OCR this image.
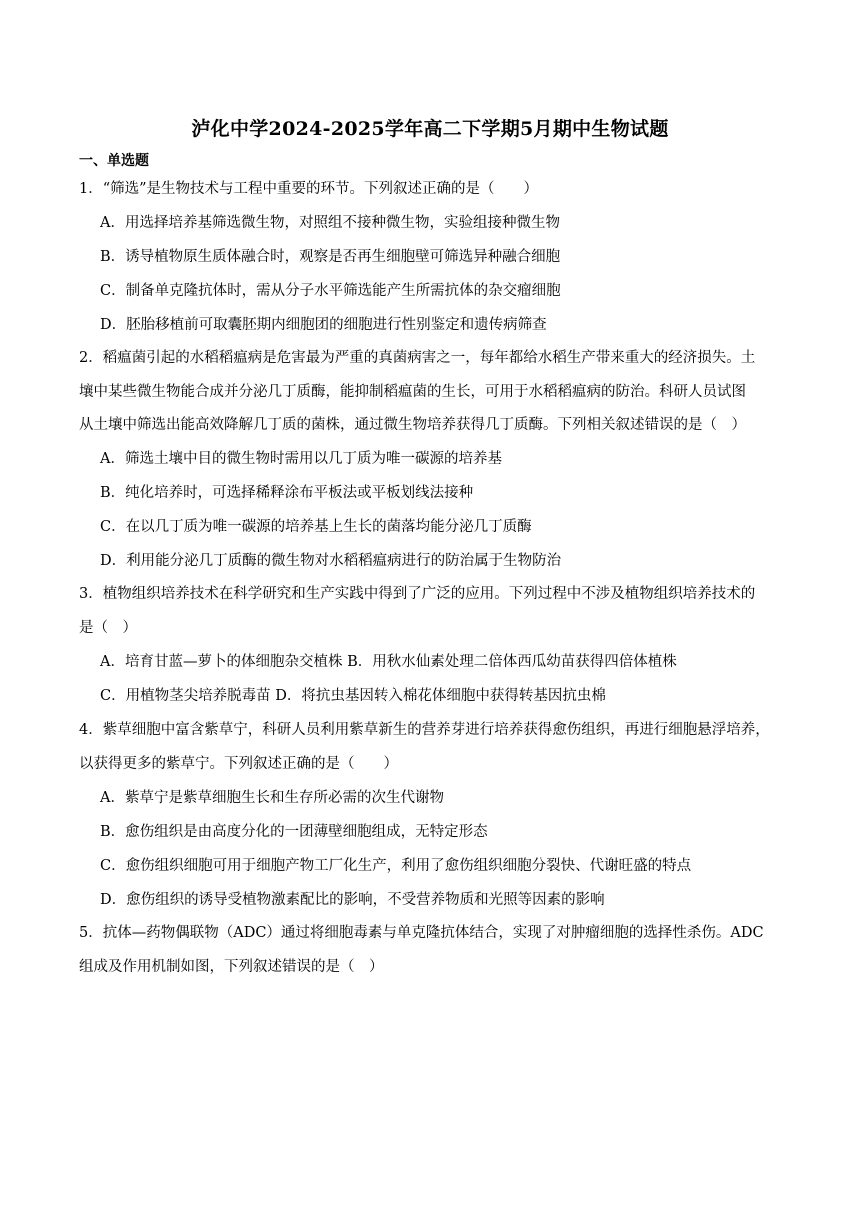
泸化中学2024-2025学年高二下学期5月期中生物试题
一、单选题
1．“筛选”是生物技术与工程中重要的环节。下列叙述正确的是（　　）
A．用选择培养基筛选微生物，对照组不接种微生物，实验组接种微生物
B．诱导植物原生质体融合时，观察是否再生细胞壁可筛选异种融合细胞
C．制备单克隆抗体时，需从分子水平筛选能产生所需抗体的杂交瘤细胞
D．胚胎移植前可取囊胚期内细胞团的细胞进行性别鉴定和遗传病筛查
2．稻瘟菌引起的水稻稻瘟病是危害最为严重的真菌病害之一，每年都给水稻生产带来重大的经济损失。土
壤中某些微生物能合成并分泌几丁质酶，能抑制稻瘟菌的生长，可用于水稻稻瘟病的防治。科研人员试图
从土壤中筛选出能高效降解几丁质的菌株，通过微生物培养获得几丁质酶。下列相关叙述错误的是（　）
A．筛选土壤中目的微生物时需用以几丁质为唯一碳源的培养基
B．纯化培养时，可选择稀释涂布平板法或平板划线法接种
C．在以几丁质为唯一碳源的培养基上生长的菌落均能分泌几丁质酶
D．利用能分泌几丁质酶的微生物对水稻稻瘟病进行的防治属于生物防治
3．植物组织培养技术在科学研究和生产实践中得到了广泛的应用。下列过程中不涉及植物组织培养技术的
是（　）
A．培育甘蓝—萝卜的体细胞杂交植株 B．用秋水仙素处理二倍体西瓜幼苗获得四倍体植株
C．用植物茎尖培养脱毒苗 D．将抗虫基因转入棉花体细胞中获得转基因抗虫棉
4．紫草细胞中富含紫草宁，科研人员利用紫草新生的营养芽进行培养获得愈伤组织，再进行细胞悬浮培养，
以获得更多的紫草宁。下列叙述正确的是（　　）
A．紫草宁是紫草细胞生长和生存所必需的次生代谢物
B．愈伤组织是由高度分化的一团薄壁细胞组成，无特定形态
C．愈伤组织细胞可用于细胞产物工厂化生产，利用了愈伤组织细胞分裂快、代谢旺盛的特点
D．愈伤组织的诱导受植物激素配比的影响，不受营养物质和光照等因素的影响
5．抗体—药物偶联物（ADC）通过将细胞毒素与单克隆抗体结合，实现了对肿瘤细胞的选择性杀伤。ADC
组成及作用机制如图，下列叙述错误的是（　）
